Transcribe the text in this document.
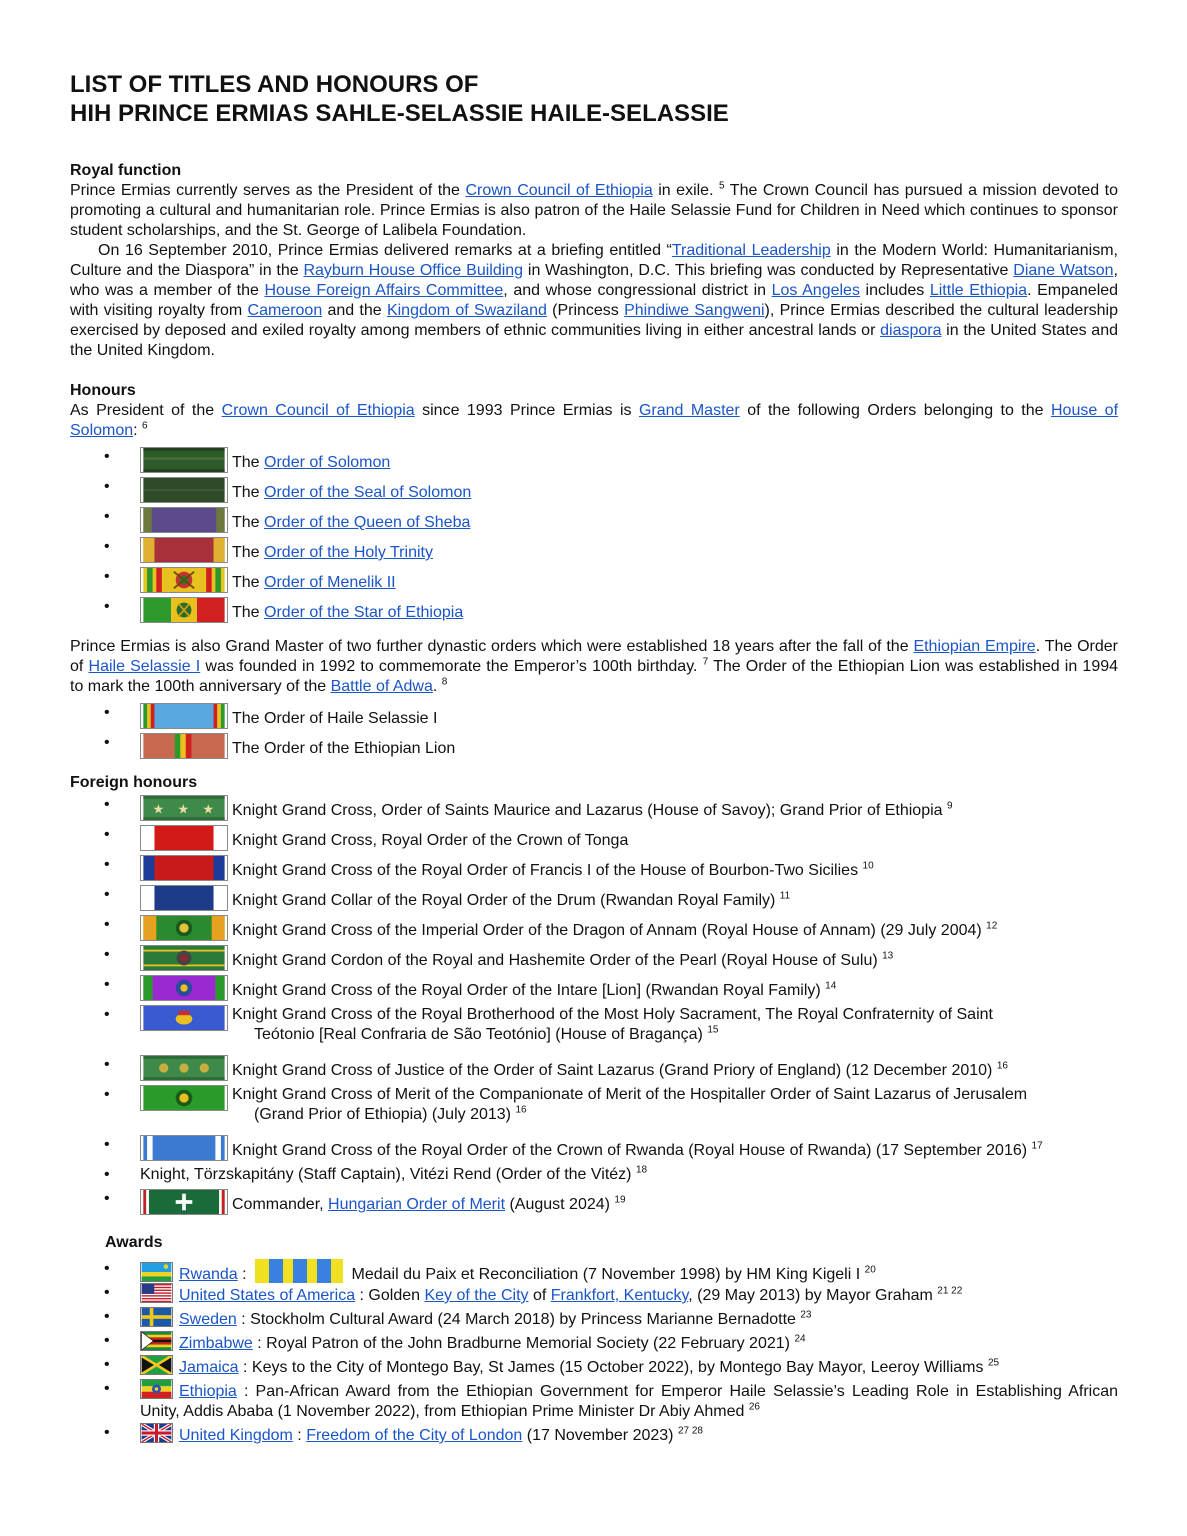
LIST OF TITLES AND HONOURS OF
HIH PRINCE ERMIAS SAHLE-SELASSIE HAILE-SELASSIE
Royal function

Prince Ermias currently serves as the President of the Crown Council of Ethiopia in exile. $^5$ The Crown Council has pursued a mission devoted to promoting a cultural and humanitarian role. Prince Ermias is also patron of the Haile Selassie Fund for Children in Need which continues to sponsor student scholarships, and the St. George of Lalibela Foundation.

On 16 September 2010, Prince Ermias delivered remarks at a briefing entitled “Traditional Leadership in the Modern World: Humanitarianism, Culture and the Diaspora” in the Rayburn House Office Building in Washington, D.C. This briefing was conducted by Representative Diane Watson, who was a member of the House Foreign Affairs Committee, and whose congressional district in Los Angeles includes Little Ethiopia. Empaneled with visiting royalty from Cameroon and the Kingdom of Swaziland (Princess Phindiwe Sangweni), Prince Ermias described the cultural leadership exercised by deposed and exiled royalty among members of ethnic communities living in either ancestral lands or diaspora in the United States and the United Kingdom.

Honours

As President of the Crown Council of Ethiopia since 1993 Prince Ermias is Grand Master of the following Orders belonging to the House of Solomon: $^6$

•	The Order of Solomon
•	The Order of the Seal of Solomon
•	The Order of the Queen of Sheba
•	The Order of the Holy Trinity
•	The Order of Menelik II
•	The Order of the Star of Ethiopia

Prince Ermias is also Grand Master of two further dynastic orders which were established 18 years after the fall of the Ethiopian Empire. The Order of Haile Selassie I was founded in 1992 to commemorate the Emperor’s 100th birthday. $^7$ The Order of the Ethiopian Lion was established in 1994 to mark the 100th anniversary of the Battle of Adwa. $^8$

•	The Order of Haile Selassie I
•	The Order of the Ethiopian Lion
Foreign honours
•	★ ★ ★ Knight Grand Cross, Order of Saints Maurice and Lazarus (House of Savoy); Grand Prior of Ethiopia $^9$
•	Knight Grand Cross, Royal Order of the Crown of Tonga
•	Knight Grand Cross of the Royal Order of Francis I of the House of Bourbon-Two Sicilies $^{10}$
•	Knight Grand Collar of the Royal Order of the Drum (Rwandan Royal Family) $^{11}$
•	Knight Grand Cross of the Imperial Order of the Dragon of Annam (Royal House of Annam) (29 July 2004) $^{12}$
•	Knight Grand Cordon of the Royal and Hashemite Order of the Pearl (Royal House of Sulu) $^{13}$
•	Knight Grand Cross of the Royal Order of the Intare [Lion] (Rwandan Royal Family) $^{14}$
•	Knight Grand Cross of the Royal Brotherhood of the Most Holy Sacrament, The Royal Confraternity of Saint
Teótonio [Real Confraria de São Teotónio] (House of Bragança) $^{15}$
•	Knight Grand Cross of Justice of the Order of Saint Lazarus (Grand Priory of England) (12 December 2010) $^{16}$
•	Knight Grand Cross of Merit of the Companionate of Merit of the Hospitaller Order of Saint Lazarus of Jerusalem
(Grand Prior of Ethiopia) (July 2013) $^{16}$
•	Knight Grand Cross of the Royal Order of the Crown of Rwanda (Royal House of Rwanda) (17 September 2016) $^{17}$
• Knight, Törzskapitány (Staff Captain), Vitézi Rend (Order of the Vitéz) $^{18}$
•	Commander, Hungarian Order of Merit (August 2024) $^{19}$
Awards
•	Rwanda :	Medail du Paix et Reconciliation (7 November 1998) by HM King Kigeli I $^{20}$
•	United States of America : Golden Key of the City of Frankfort, Kentucky, (29 May 2013) by Mayor Graham $^{21 22}$
•	Sweden : Stockholm Cultural Award (24 March 2018) by Princess Marianne Bernadotte $^{23}$
•	Zimbabwe : Royal Patron of the John Bradburne Memorial Society (22 February 2021) $^{24}$
•	Jamaica : Keys to the City of Montego Bay, St James (15 October 2022), by Montego Bay Mayor, Leeroy Williams $^{25}$
•	Ethiopia : Pan-African Award from the Ethiopian Government for Emperor Haile Selassie’s Leading Role in Establishing African Unity, Addis Ababa (1 November 2022), from Ethiopian Prime Minister Dr Abiy Ahmed $^{26}$

•	United Kingdom : Freedom of the City of London (17 November 2023) $^{27 28}$
